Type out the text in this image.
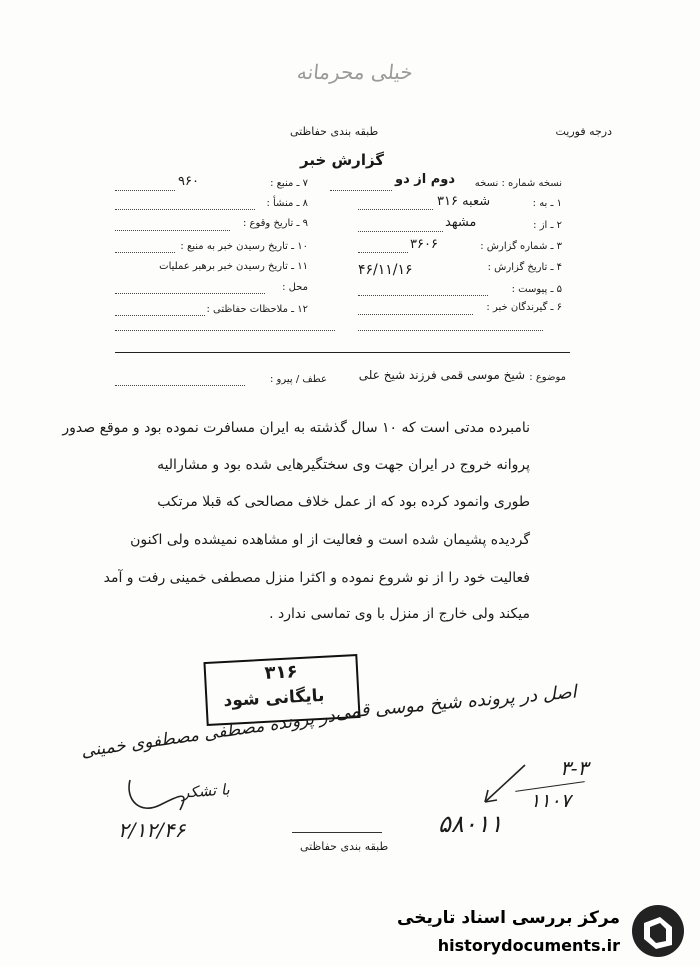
خیلی محرمانه
درجه فوریت
طبقه بندی حفاظتی
گزارش خبر
نسخه شماره : نسخه
دوم از دو
۱ ـ به :
شعبه ۳۱۶
۲ ـ از :
مشهد
۳ ـ شماره گزارش :
۳۶۰۶
۴ ـ تاریخ گزارش :
۴۶/۱۱/۱۶
۵ ـ پیوست :
۶ ـ گیرندگان خبر :
۷ ـ منبع :
۹۶۰
۸ ـ منشأ :
۹ ـ تاریخ وقوع :
۱۰ ـ تاریخ رسیدن خبر به منبع :
۱۱ ـ تاریخ رسیدن خبر برهبر عملیات
محل :
۱۲ ـ ملاحظات حفاظتی :
موضوع :
شیخ موسی قمی فرزند شیخ علی
عطف / پیرو :
نامبرده مدتی است که ۱۰ سال گذشته به ایران مسافرت نموده بود و موقع صدور
پروانه خروج در ایران جهت وی سختگیرهایی شده بود و مشارالیه
طوری وانمود کرده بود که از عمل خلاف مصالحی که قبلا مرتکب
گردیده پشیمان شده است و فعالیت از او مشاهده نمیشده ولی اکنون
فعالیت خود را از نو شروع نموده و اکثرا منزل مصطفی خمینی رفت و آمد
میکند ولی خارج از منزل با وی تماسی ندارد .
۳۱۶
بایگانی شود اصل در پرونده شیخ موسی قمی
در پرونده مصطفی مصطفوی خمینی
با تشکر
۲/۱۲/۴۶
۳-۳
۱۱۰۷
۵۸۰۱۱
طبقه بندی حفاظتی
مرکز بررسی اسناد تاریخی
historydocuments.ir
